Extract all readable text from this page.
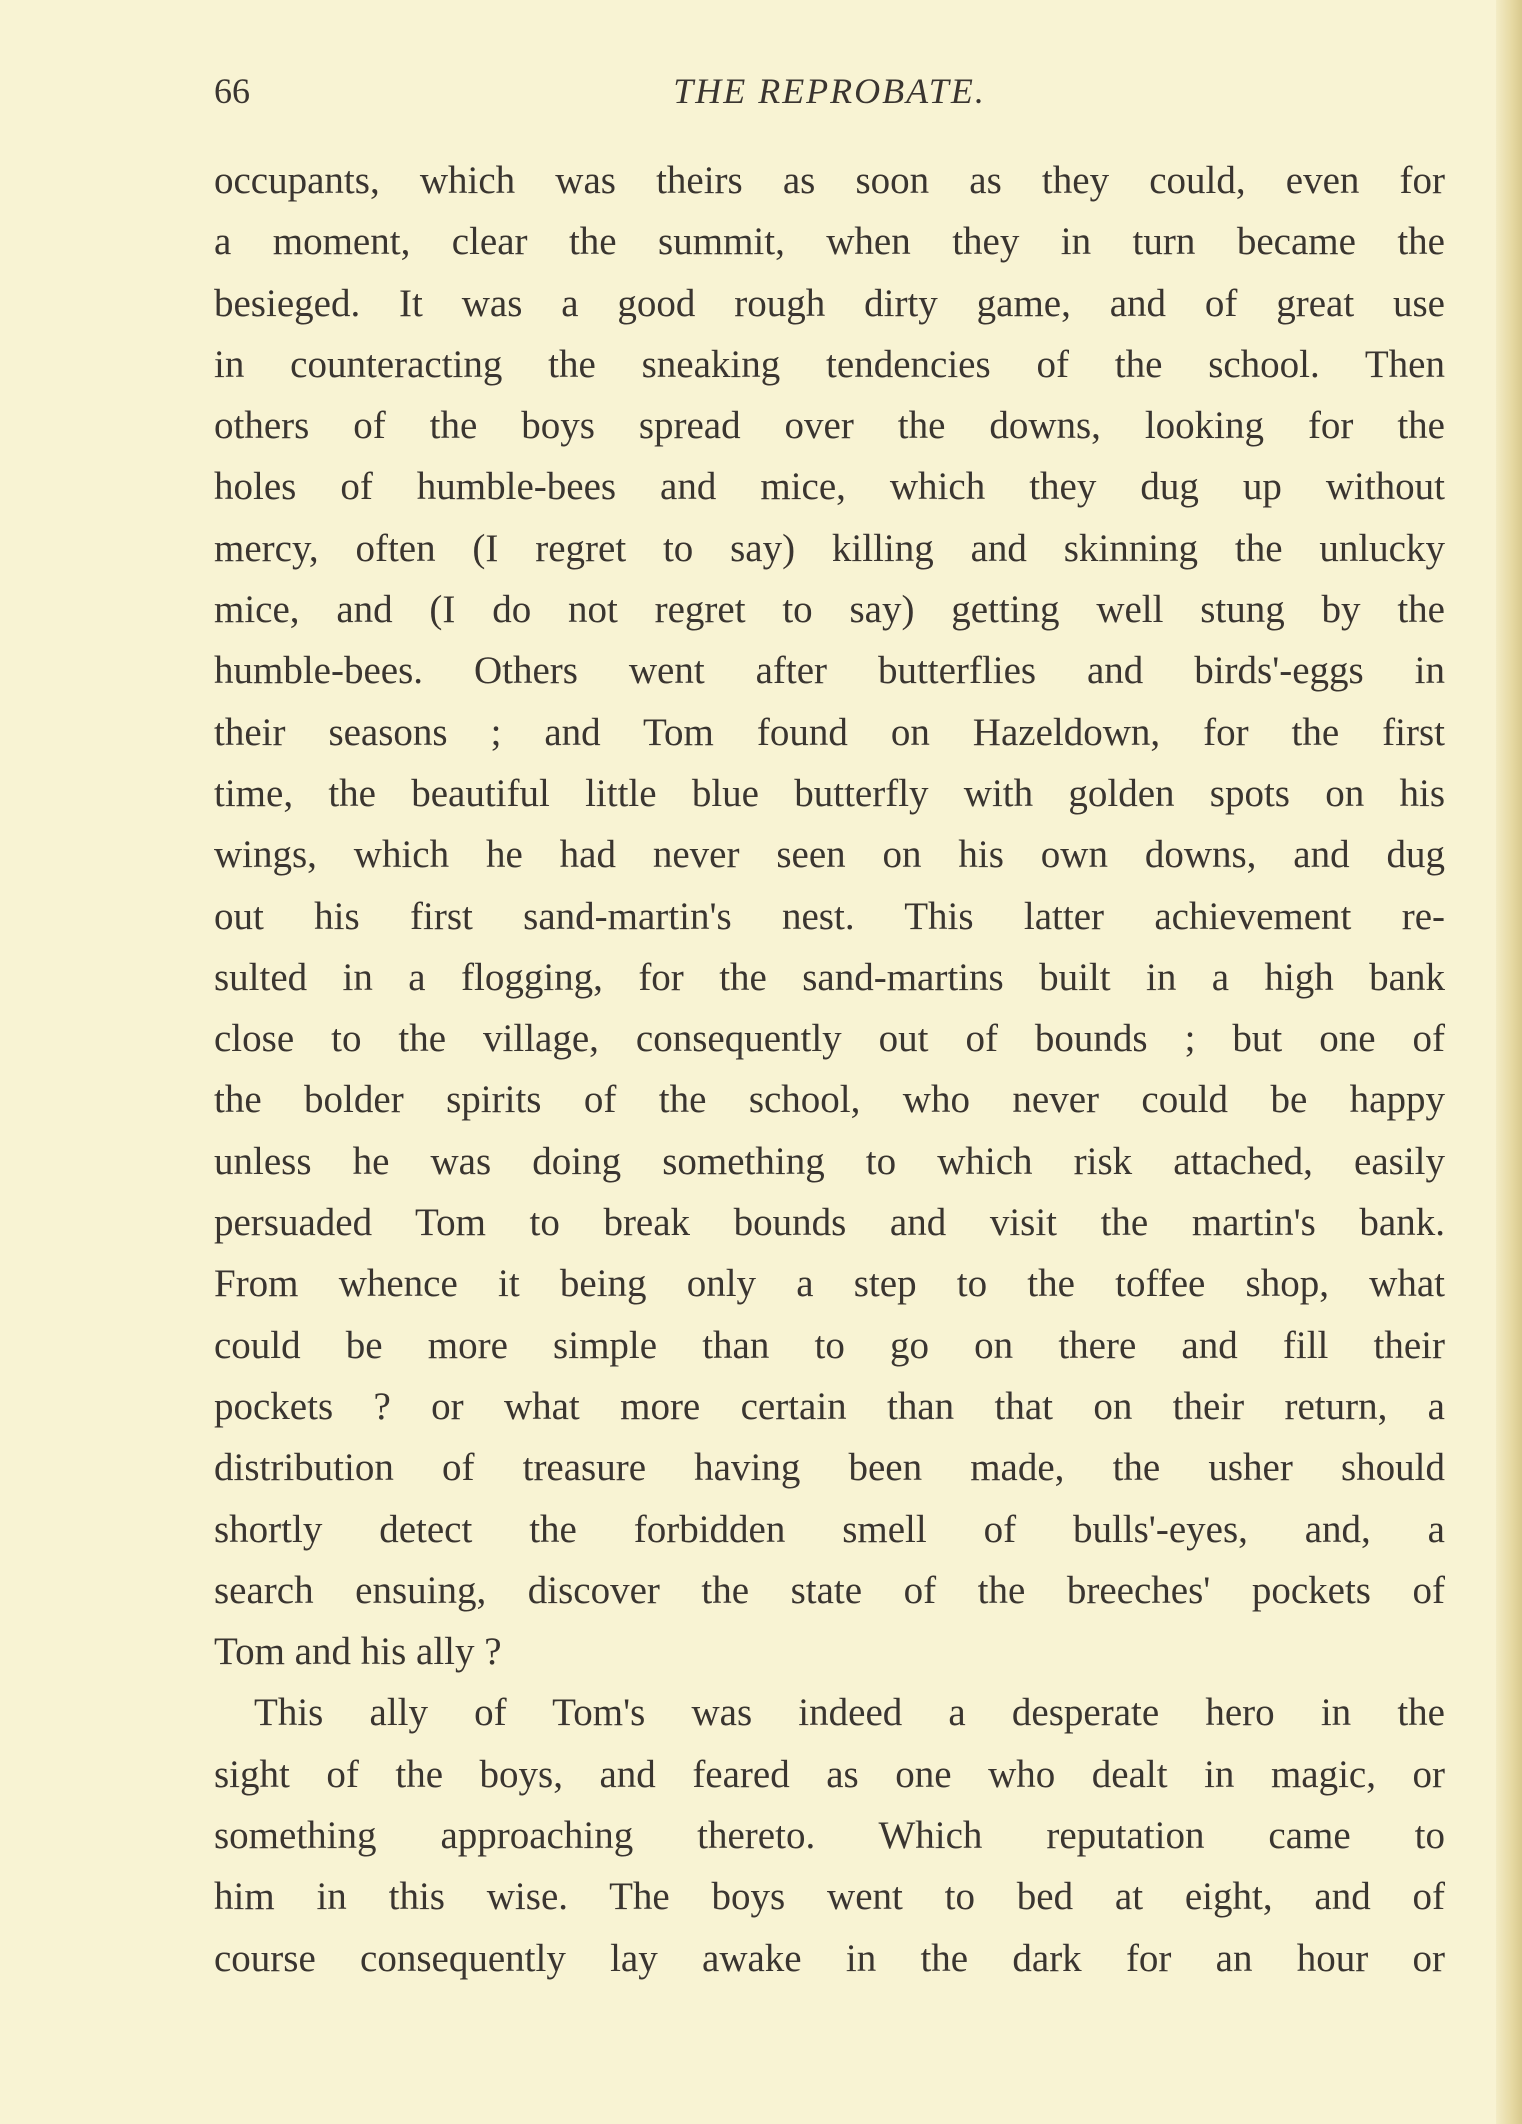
66	THE REPROBATE.
occupants, which was theirs as soon as they could, even for
a moment, clear the summit, when they in turn became the
besieged. It was a good rough dirty game, and of great use
in counteracting the sneaking tendencies of the school. Then
others of the boys spread over the downs, looking for the
holes of humble-bees and mice, which they dug up without
mercy, often (I regret to say) killing and skinning the unlucky
mice, and (I do not regret to say) getting well stung by the
humble-bees. Others went after butterflies and birds'-eggs in
their seasons ; and Tom found on Hazeldown, for the first
time, the beautiful little blue butterfly with golden spots on his
wings, which he had never seen on his own downs, and dug
out his first sand-martin's nest. This latter achievement re-
sulted in a flogging, for the sand-martins built in a high bank
close to the village, consequently out of bounds ; but one of
the bolder spirits of the school, who never could be happy
unless he was doing something to which risk attached, easily
persuaded Tom to break bounds and visit the martin's bank.
From whence it being only a step to the toffee shop, what
could be more simple than to go on there and fill their
pockets ? or what more certain than that on their return, a
distribution of treasure having been made, the usher should
shortly detect the forbidden smell of bulls'-eyes, and, a
search ensuing, discover the state of the breeches' pockets of
Tom and his ally ?
This ally of Tom's was indeed a desperate hero in the
sight of the boys, and feared as one who dealt in magic, or
something approaching thereto. Which reputation came to
him in this wise. The boys went to bed at eight, and of
course consequently lay awake in the dark for an hour or
